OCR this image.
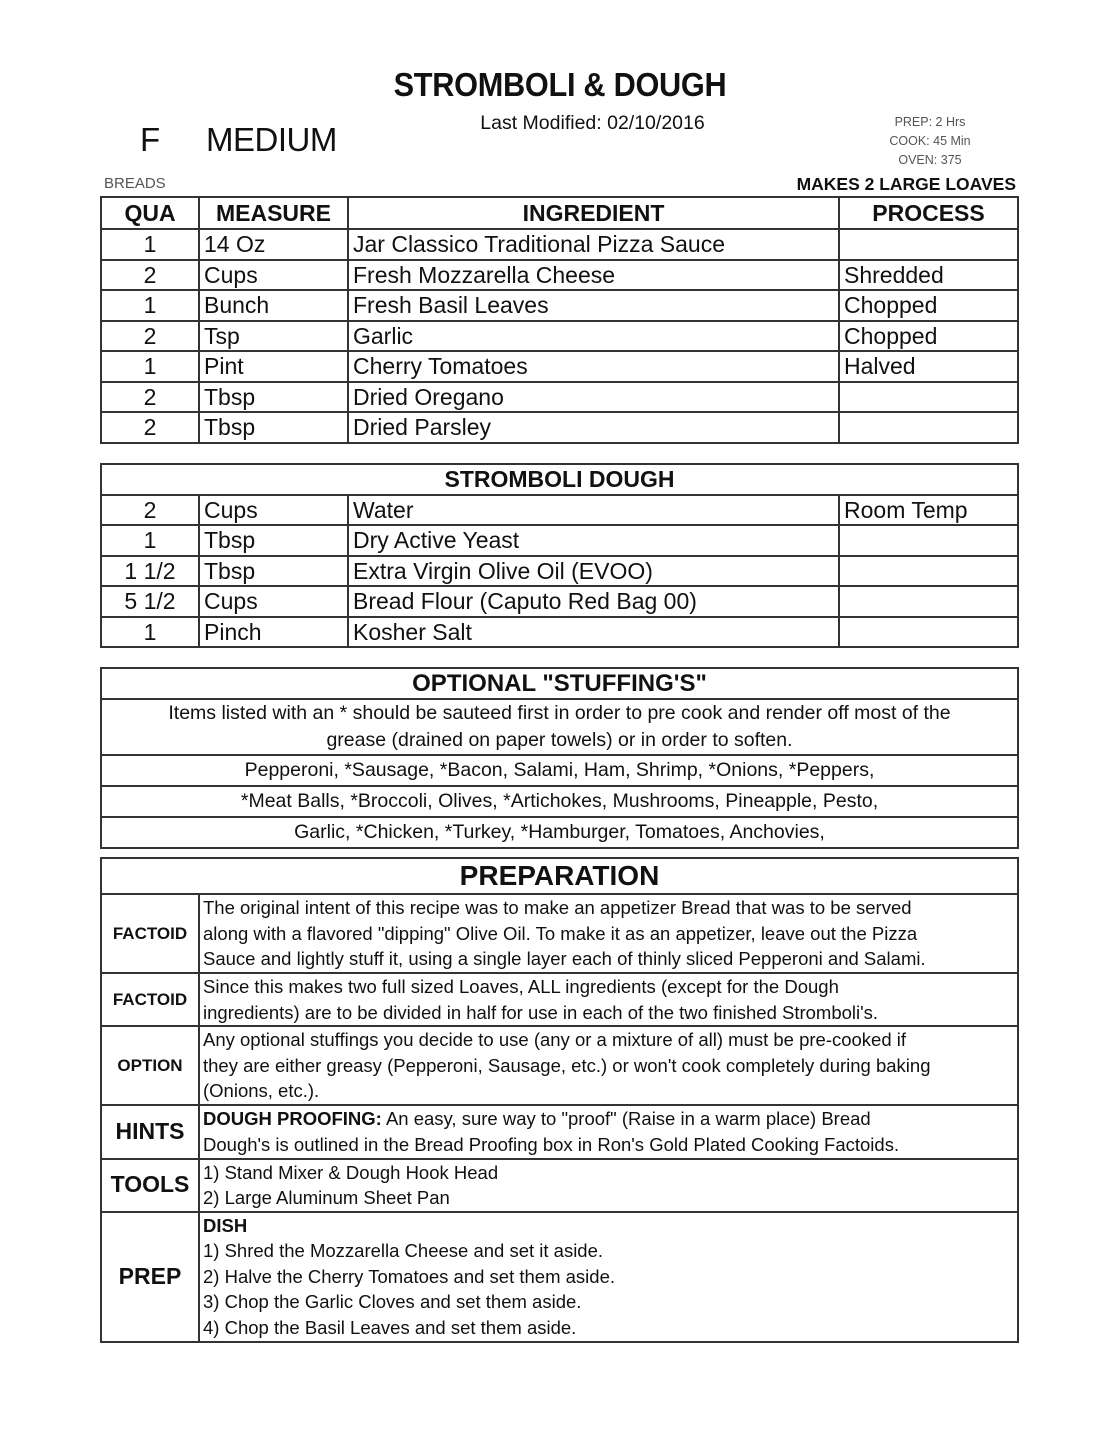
STROMBOLI & DOUGH
Last Modified: 02/10/2016
F MEDIUM	PREP: 2 Hrs
COOK: 45 Min
OVEN: 375
BREADS	MAKES 2 LARGE LOAVES
QUA	MEASURE	INGREDIENT	PROCESS
1	14 Oz	Jar Classico Traditional Pizza Sauce	
2	Cups	Fresh Mozzarella Cheese	Shredded
1	Bunch	Fresh Basil Leaves	Chopped
2	Tsp	Garlic	Chopped
1	Pint	Cherry Tomatoes	Halved
2	Tbsp	Dried Oregano	
2	Tbsp	Dried Parsley	
STROMBOLI DOUGH			
2	Cups	Water	Room Temp
1	Tbsp	Dry Active Yeast	
1 1/2	Tbsp	Extra Virgin Olive Oil (EVOO)	
5 1/2	Cups	Bread Flour (Caputo Red Bag 00)	
1	Pinch	Kosher Salt	
OPTIONAL "STUFFING'S"

Items listed with an * should be sauteed first in order to pre cook and render off most of the
grease (drained on paper towels) or in order to soften.

Pepperoni, *Sausage, *Bacon, Salami, Ham, Shrimp, *Onions, *Peppers,
*Meat Balls, *Broccoli, Olives, *Artichokes, Mushrooms, Pineapple, Pesto,
Garlic, *Chicken, *Turkey, *Hamburger, Tomatoes, Anchovies,
PREPARATION	
FACTOID	The original intent of this recipe was to make an appetizer Bread that was to be served
along with a flavored "dipping" Olive Oil. To make it as an appetizer, leave out the Pizza
Sauce and lightly stuff it, using a single layer each of thinly sliced Pepperoni and Salami.

FACTOID	Since this makes two full sized Loaves, ALL ingredients (except for the Dough
ingredients) are to be divided in half for use in each of the two finished Stromboli's.

OPTION	Any optional stuffings you decide to use (any or a mixture of all) must be pre-cooked if
they are either greasy (Pepperoni, Sausage, etc.) or won't cook completely during baking
(Onions, etc.).

HINTS	DOUGH PROOFING: An easy, sure way to "proof" (Raise in a warm place) Bread
Dough's is outlined in the Bread Proofing box in Ron's Gold Plated Cooking Factoids.

TOOLS	1) Stand Mixer & Dough Hook Head
2) Large Aluminum Sheet Pan

PREP	DISH
1) Shred the Mozzarella Cheese and set it aside.
2) Halve the Cherry Tomatoes and set them aside.
3) Chop the Garlic Cloves and set them aside.
4) Chop the Basil Leaves and set them aside.
